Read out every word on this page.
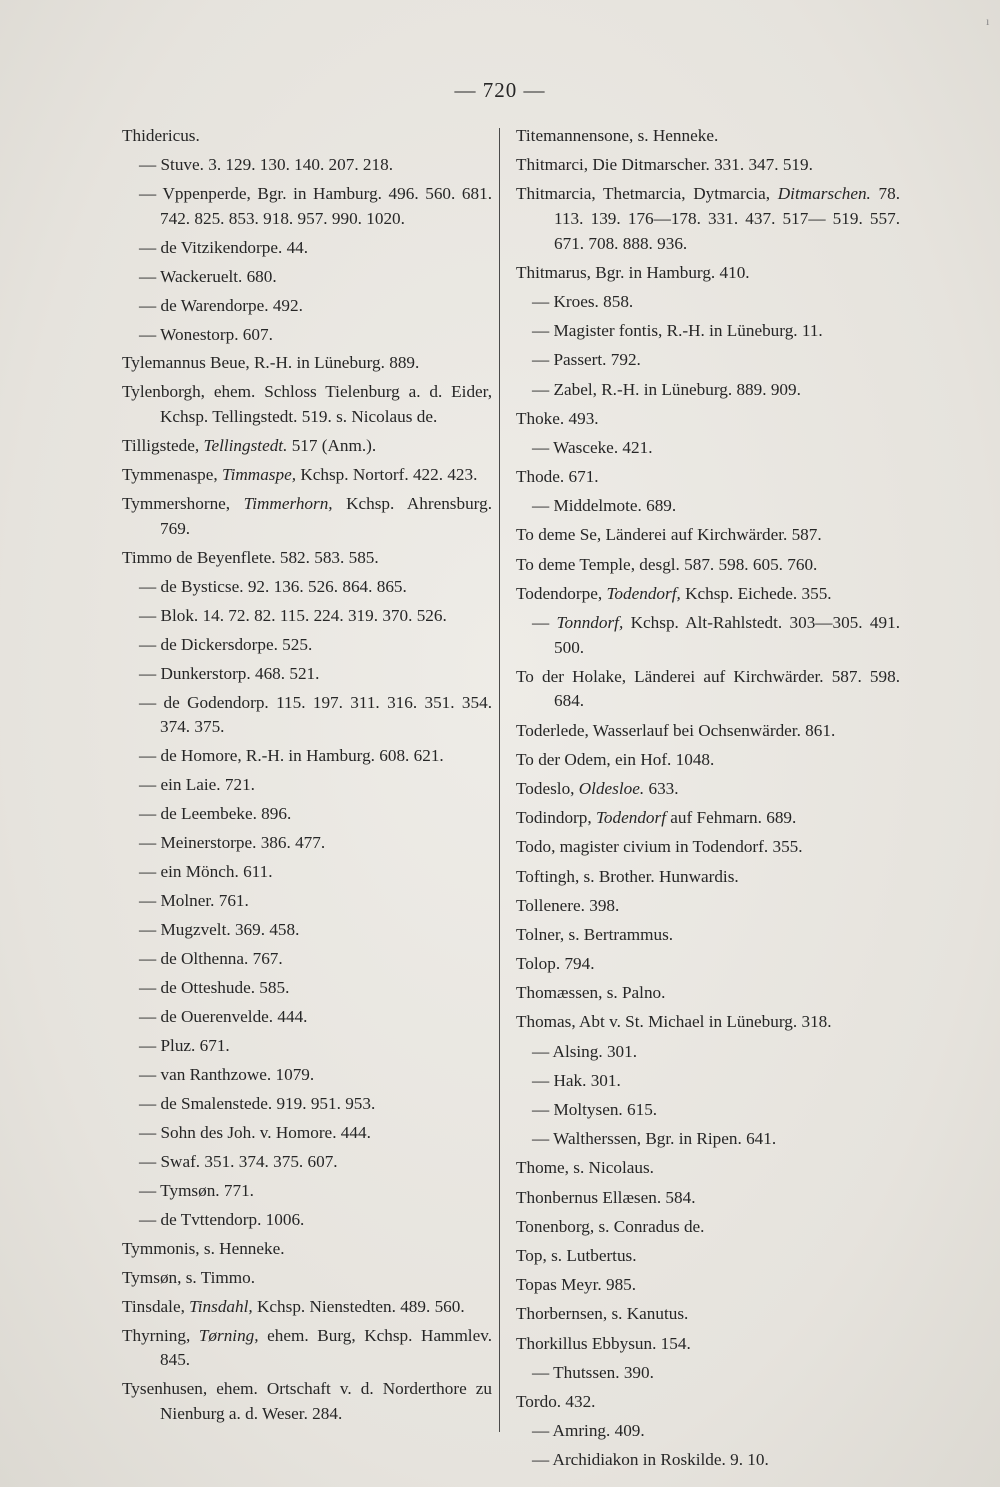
— 720 —
Thidericus.
— Stuve. 3. 129. 130. 140. 207. 218.
— Vppenperde, Bgr. in Hamburg. 496. 560. 681. 742. 825. 853. 918. 957. 990. 1020.
— de Vitzikendorpe. 44.
— Wackeruelt. 680.
— de Warendorpe. 492.
— Wonestorp. 607.
Tylemannus Beue, R.-H. in Lüneburg. 889.
Tylenborgh, ehem. Schloss Tielenburg a. d. Eider, Kchsp. Tellingstedt. 519. s. Nicolaus de.
Tilligstede, Tellingstedt. 517 (Anm.).
Tymmenaspe, Timmaspe, Kchsp. Nortorf. 422. 423.
Tymmershorne, Timmerhorn, Kchsp. Ahrensburg. 769.
Timmo de Beyenflete. 582. 583. 585.
— de Bysticse. 92. 136. 526. 864. 865.
— Blok. 14. 72. 82. 115. 224. 319. 370. 526.
— de Dickersdorpe. 525.
— Dunkerstorp. 468. 521.
— de Godendorp. 115. 197. 311. 316. 351. 354. 374. 375.
— de Homore, R.-H. in Hamburg. 608. 621.
— ein Laie. 721.
— de Leembeke. 896.
— Meinerstorpe. 386. 477.
— ein Mönch. 611.
— Molner. 761.
— Mugzvelt. 369. 458.
— de Olthenna. 767.
— de Otteshude. 585.
— de Ouerenvelde. 444.
— Pluz. 671.
— van Ranthzowe. 1079.
— de Smalenstede. 919. 951. 953.
— Sohn des Joh. v. Homore. 444.
— Swaf. 351. 374. 375. 607.
— Tymsøn. 771.
— de Tvttendorp. 1006.
Tymmonis, s. Henneke.
Tymsøn, s. Timmo.
Tinsdale, Tinsdahl, Kchsp. Nienstedten. 489. 560.
Thyrning, Tørning, ehem. Burg, Kchsp. Hammlev. 845.
Tysenhusen, ehem. Ortschaft v. d. Norderthore zu Nienburg a. d. Weser. 284.
Titemannensone, s. Henneke.
Thitmarci, Die Ditmarscher. 331. 347. 519.
Thitmarcia, Thetmarcia, Dytmarcia, Ditmarschen. 78. 113. 139. 176—178. 331. 437. 517— 519. 557. 671. 708. 888. 936.
Thitmarus, Bgr. in Hamburg. 410.
— Kroes. 858.
— Magister fontis, R.-H. in Lüneburg. 11.
— Passert. 792.
— Zabel, R.-H. in Lüneburg. 889. 909.
Thoke. 493.
— Wasceke. 421.
Thode. 671.
— Middelmote. 689.
To deme Se, Länderei auf Kirchwärder. 587.
To deme Temple, desgl. 587. 598. 605. 760.
Todendorpe, Todendorf, Kchsp. Eichede. 355.
— Tonndorf, Kchsp. Alt-Rahlstedt. 303—305. 491. 500.
To der Holake, Länderei auf Kirchwärder. 587. 598. 684.
Toderlede, Wasserlauf bei Ochsenwärder. 861.
To der Odem, ein Hof. 1048.
Todeslo, Oldesloe. 633.
Todindorp, Todendorf auf Fehmarn. 689.
Todo, magister civium in Todendorf. 355.
Toftingh, s. Brother. Hunwardis.
Tollenere. 398.
Tolner, s. Bertrammus.
Tolop. 794.
Thomæssen, s. Palno.
Thomas, Abt v. St. Michael in Lüneburg. 318.
— Alsing. 301.
— Hak. 301.
— Moltysen. 615.
— Waltherssen, Bgr. in Ripen. 641.
Thome, s. Nicolaus.
Thonbernus Ellæsen. 584.
Tonenborg, s. Conradus de.
Top, s. Lutbertus.
Topas Meyr. 985.
Thorbernsen, s. Kanutus.
Thorkillus Ebbysun. 154.
— Thutssen. 390.
Tordo. 432.
— Amring. 409.
— Archidiakon in Roskilde. 9. 10.
ı
